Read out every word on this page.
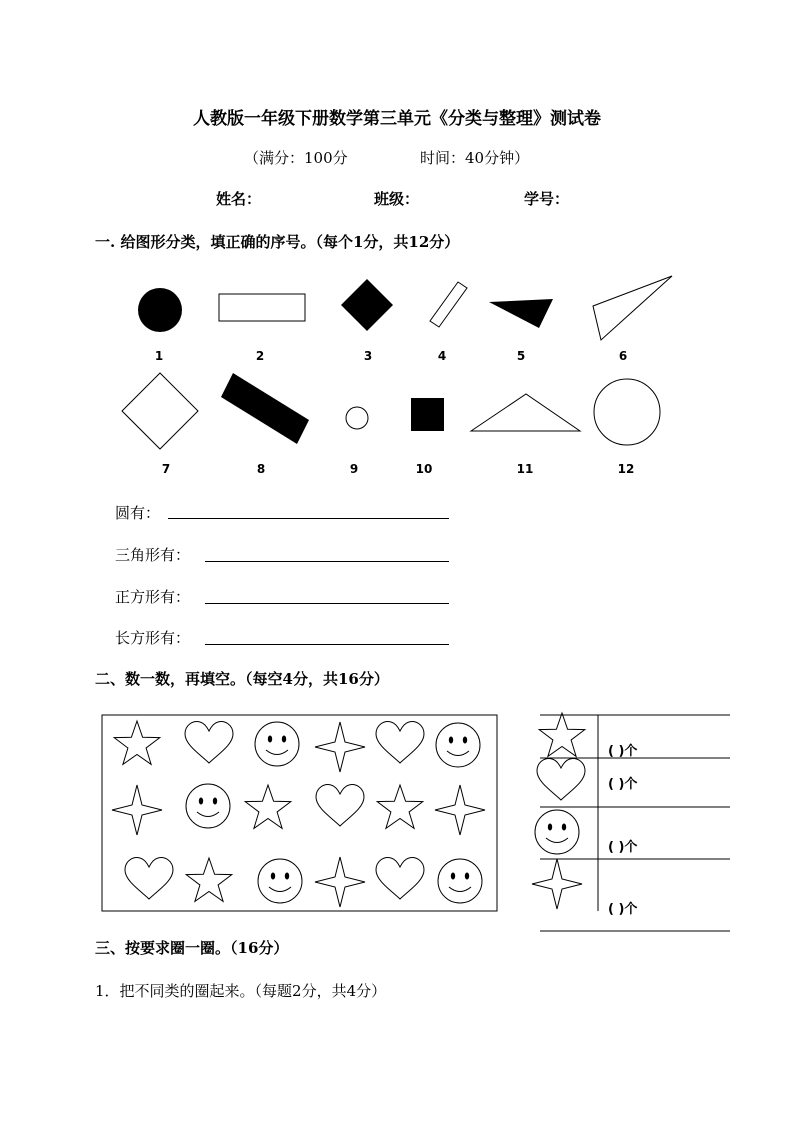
人教版一年级下册数学第三单元《分类与整理》测试卷
（满分：100分	时间：40分钟）
姓名：	班级：	学号：
一. 给图形分类，填正确的序号。（每个1分，共12分）
1	2	3	4	5	6
7	8	9	10	11	12
圆有：
三角形有：
正方形有：
长方形有：
二、数一数，再填空。（每空4分，共16分）
( )个
( )个
( )个
( )个
三、按要求圈一圈。（16分）
1．把不同类的圈起来。（每题2分，共4分）
